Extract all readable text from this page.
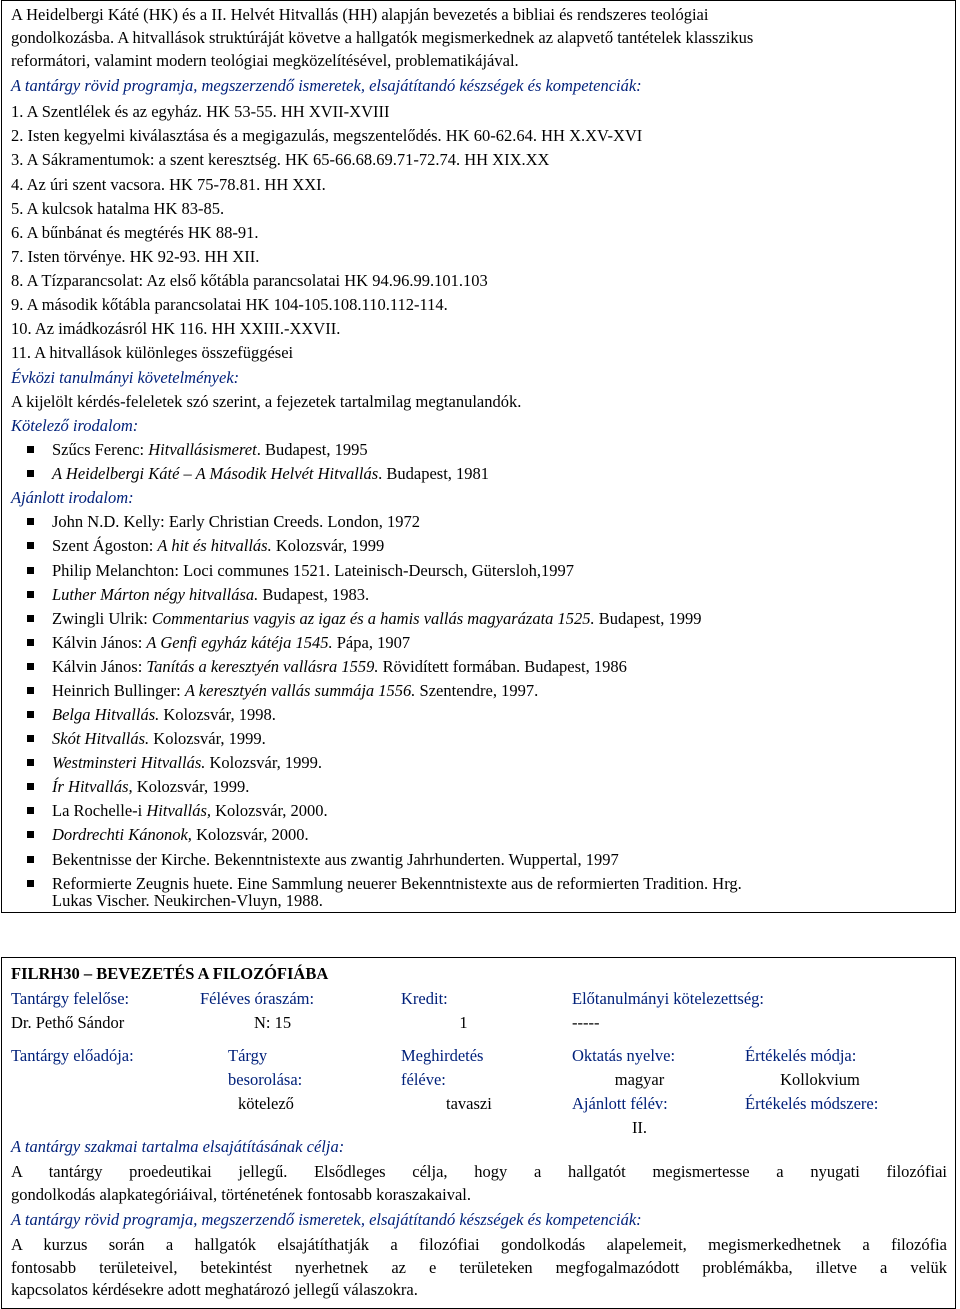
A Heidelbergi Káté (HK) és a II. Helvét Hitvallás (HH) alapján bevezetés a bibliai és rendszeres teológiai
gondolkozásba. A hitvallások struktúráját követve a hallgatók megismerkednek az alapvető tantételek klasszikus
reformátori, valamint modern teológiai megközelítésével, problematikájával.
A tantárgy rövid programja, megszerzendő ismeretek, elsajátítandó készségek és kompetenciák:
1. A Szentlélek és az egyház. HK 53-55. HH XVII-XVIII
2. Isten kegyelmi kiválasztása és a megigazulás, megszentelődés. HK 60-62.64. HH X.XV-XVI
3. A Sákramentumok: a szent keresztség. HK 65-66.68.69.71-72.74. HH XIX.XX
4. Az úri szent vacsora. HK 75-78.81. HH XXI.
5. A kulcsok hatalma HK 83-85.
6. A bűnbánat és megtérés HK 88-91.
7. Isten törvénye. HK 92-93. HH XII.
8. A Tízparancsolat: Az első kőtábla parancsolatai HK 94.96.99.101.103
9. A második kőtábla parancsolatai HK 104-105.108.110.112-114.
10. Az imádkozásról HK 116. HH XXIII.-XXVII.
11. A hitvallások különleges összefüggései
Évközi tanulmányi követelmények:
A kijelölt kérdés-feleletek szó szerint, a fejezetek tartalmilag megtanulandók.
Kötelező irodalom:
Szűcs Ferenc: Hitvallásismeret. Budapest, 1995
A Heidelbergi Káté – A Második Helvét Hitvallás. Budapest, 1981
Ajánlott irodalom:
John N.D. Kelly: Early Christian Creeds. London, 1972
Szent Ágoston: A hit és hitvallás. Kolozsvár, 1999
Philip Melanchton: Loci communes 1521. Lateinisch-Deursch, Gütersloh,1997
Luther Márton négy hitvallása. Budapest, 1983.
Zwingli Ulrik: Commentarius vagyis az igaz és a hamis vallás magyarázata 1525. Budapest, 1999
Kálvin János: A Genfi egyház kátéja 1545. Pápa, 1907
Kálvin János: Tanítás a keresztyén vallásra 1559. Rövidített formában. Budapest, 1986
Heinrich Bullinger: A keresztyén vallás summája 1556. Szentendre, 1997.
Belga Hitvallás. Kolozsvár, 1998.
Skót Hitvallás. Kolozsvár, 1999.
Westminsteri Hitvallás. Kolozsvár, 1999.
Ír Hitvallás, Kolozsvár, 1999.
La Rochelle-i Hitvallás, Kolozsvár, 2000.
Dordrechti Kánonok, Kolozsvár, 2000.
Bekentnisse der Kirche. Bekenntnistexte aus zwantig Jahrhunderten. Wuppertal, 1997
Reformierte Zeugnis huete. Eine Sammlung neuerer Bekenntnistexte aus de reformierten Tradition. Hrg.
Lukas Vischer. Neukirchen-Vluyn, 1988.
FILRH30 – BEVEZETÉS A FILOZÓFIÁBA
Tantárgy felelőse:
Dr. Pethő Sándor
Féléves óraszám:
N: 15
Kredit:
1
Előtanulmányi kötelezettség:
-----
Tantárgy előadója:	Tárgy
besorolása:
kötelező
Meghirdetés
féléve:
tavaszi
Oktatás nyelve:
magyar
Értékelés módja:
Kollokvium
Ajánlott félév:
II.
Értékelés módszere:
A tantárgy szakmai tartalma elsajátításának célja:
A tantárgy proedeutikai jellegű. Elsődleges célja, hogy a hallgatót megismertesse a nyugati filozófiai
gondolkodás alapkategóriáival, történetének fontosabb koraszakaival.
A tantárgy rövid programja, megszerzendő ismeretek, elsajátítandó készségek és kompetenciák:
A kurzus során a hallgatók elsajátíthatják a filozófiai gondolkodás alapelemeit, megismerkedhetnek a filozófia
fontosabb területeivel, betekintést nyerhetnek az e területeken megfogalmazódott problémákba, illetve a velük
kapcsolatos kérdésekre adott meghatározó jellegű válaszokra.
